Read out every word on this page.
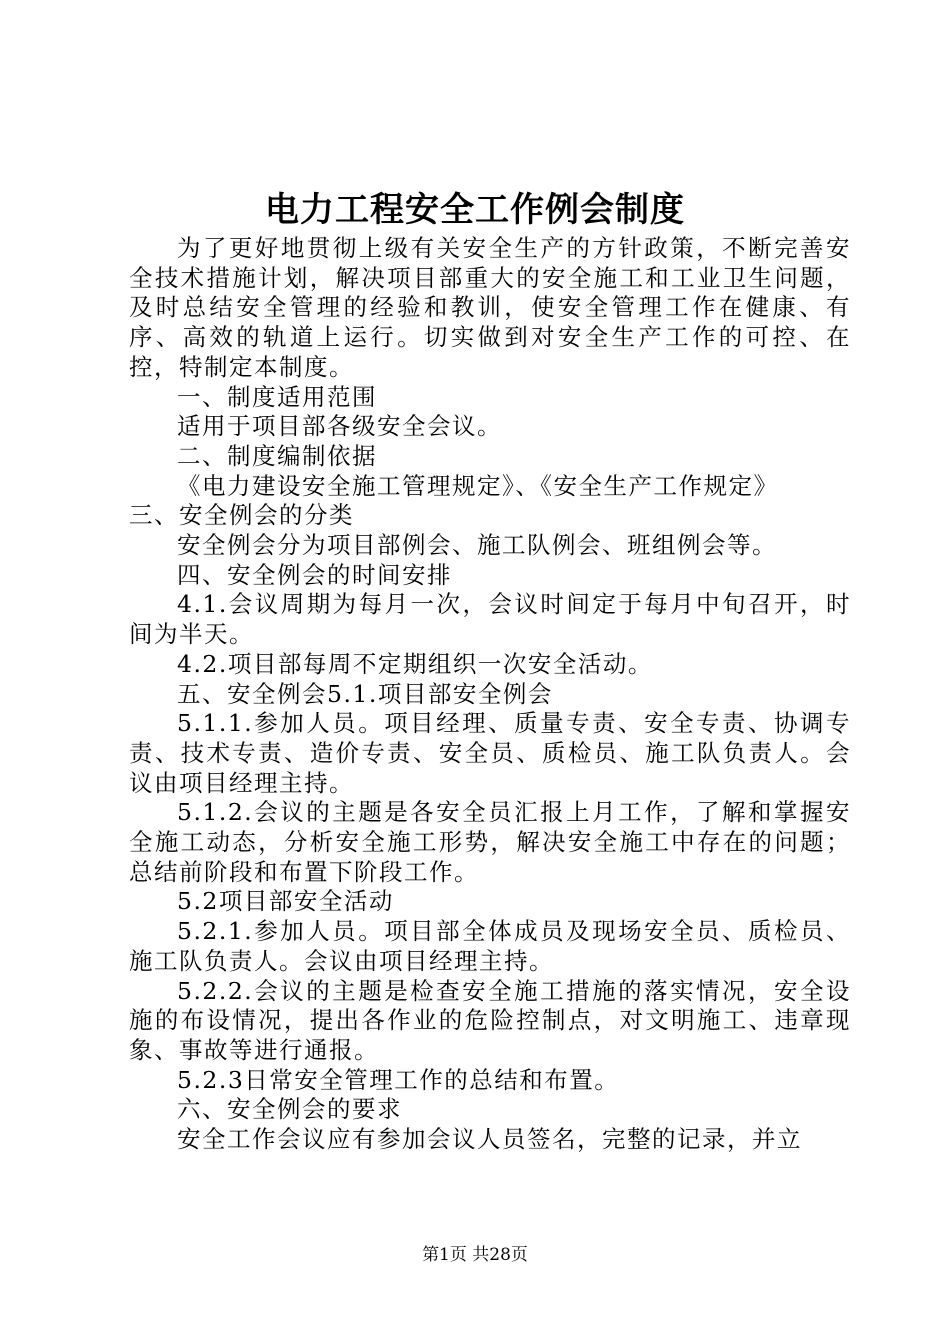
电力工程安全工作例会制度

为了更好地贯彻上级有关安全生产的方针政策，不断完善安全技术措施计划，解决项目部重大的安全施工和工业卫生问题，及时总结安全管理的经验和教训，使安全管理工作在健康、有序、高效的轨道上运行。切实做到对安全生产工作的可控、在控，特制定本制度。

一、制度适用范围

适用于项目部各级安全会议。

二、制度编制依据

《电力建设安全施工管理规定》、《安全生产工作规定》

三、安全例会的分类

安全例会分为项目部例会、施工队例会、班组例会等。

四、安全例会的时间安排

4.1.会议周期为每月一次，会议时间定于每月中旬召开，时间为半天。

4.2.项目部每周不定期组织一次安全活动。

五、安全例会5.1.项目部安全例会

5.1.1.参加人员。项目经理、质量专责、安全专责、协调专责、技术专责、造价专责、安全员、质检员、施工队负责人。会议由项目经理主持。

5.1.2.会议的主题是各安全员汇报上月工作，了解和掌握安全施工动态，分析安全施工形势，解决安全施工中存在的问题；总结前阶段和布置下阶段工作。

5.2项目部安全活动

5.2.1.参加人员。项目部全体成员及现场安全员、质检员、施工队负责人。会议由项目经理主持。

5.2.2.会议的主题是检查安全施工措施的落实情况，安全设施的布设情况，提出各作业的危险控制点，对文明施工、违章现象、事故等进行通报。

5.2.3日常安全管理工作的总结和布置。

六、安全例会的要求

安全工作会议应有参加会议人员签名，完整的记录，并立

第1页 共28页
